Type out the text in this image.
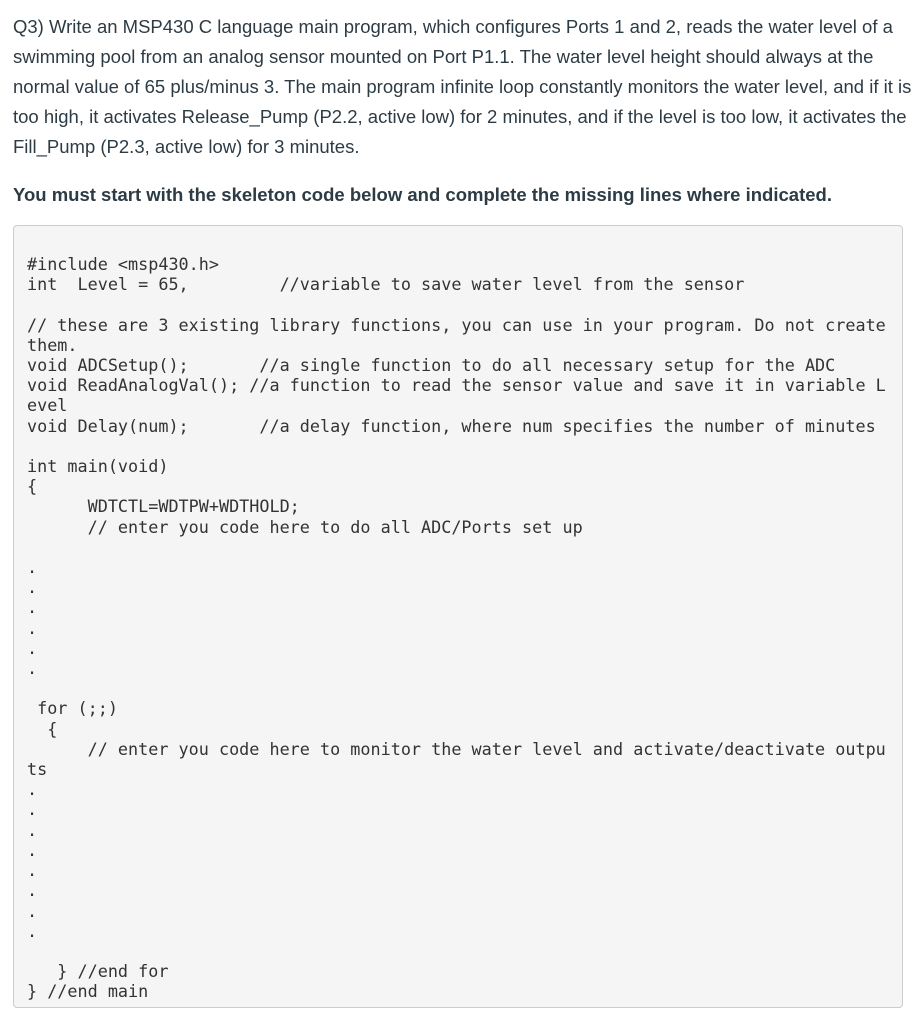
Q3) Write an MSP430 C language main program, which configures Ports 1 and 2, reads the water level of a swimming pool from an analog sensor mounted on Port P1.1. The water level height should always at the normal value of 65 plus/minus 3. The main program infinite loop constantly monitors the water level, and if it is too high, it activates Release_Pump (P2.2, active low) for 2 minutes, and if the level is too low, it activates the Fill_Pump (P2.3, active low) for 3 minutes.

You must start with the skeleton code below and complete the missing lines where indicated.

#include <msp430.h>
int  Level = 65,         //variable to save water level from the sensor

// these are 3 existing library functions, you can use in your program. Do not create
them.
void ADCSetup();       //a single function to do all necessary setup for the ADC
void ReadAnalogVal(); //a function to read the sensor value and save it in variable L
evel
void Delay(num);       //a delay function, where num specifies the number of minutes

int main(void)
{
WDTCTL=WDTPW+WDTHOLD;
// enter you code here to do all ADC/Ports set up

.
.
.
.
.
.

for (;;)
{
// enter you code here to monitor the water level and activate/deactivate outpu
ts
.
.
.
.
.
.
.
.

} //end for
} //end main
